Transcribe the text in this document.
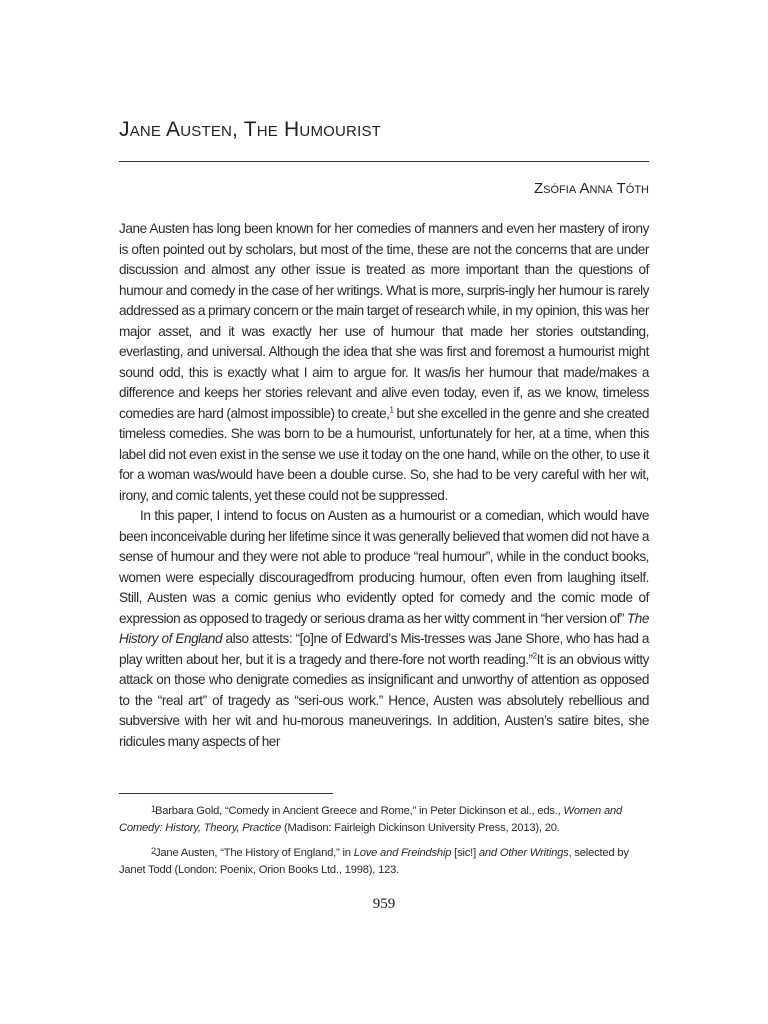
Jane Austen, The Humourist
Zsófia Anna Tóth

Jane Austen has long been known for her comedies of manners and even her mastery of irony is often pointed out by scholars, but most of the time, these are not the concerns that are under discussion and almost any other issue is treated as more important than the questions of humour and comedy in the case of her writings. What is more, surpris-ingly her humour is rarely addressed as a primary concern or the main target of research while, in my opinion, this was her major asset, and it was exactly her use of humour that made her stories outstanding, everlasting, and universal. Although the idea that she was first and foremost a humourist might sound odd, this is exactly what I aim to argue for. It was/is her humour that made/makes a difference and keeps her stories relevant and alive even today, even if, as we know, timeless comedies are hard (almost impossible) to create,$^1$ but she excelled in the genre and she created timeless comedies. She was born to be a humourist, unfortunately for her, at a time, when this label did not even exist in the sense we use it today on the one hand, while on the other, to use it for a woman was/would have been a double curse. So, she had to be very careful with her wit, irony, and comic talents, yet these could not be suppressed.

In this paper, I intend to focus on Austen as a humourist or a comedian, which would have been inconceivable during her lifetime since it was generally believed that women did not have a sense of humour and they were not able to produce “real humour”, while in the conduct books, women were especially discouragedfrom producing humour, often even from laughing itself. Still, Austen was a comic genius who evidently opted for comedy and the comic mode of expression as opposed to tragedy or serious drama as her witty comment in “her version of” The History of England also attests: “[o]ne of Edward’s Mis-tresses was Jane Shore, who has had a play written about her, but it is a tragedy and there-fore not worth reading.”$^2$It is an obvious witty attack on those who denigrate comedies as insignificant and unworthy of attention as opposed to the “real art” of tragedy as “seri-ous work.” Hence, Austen was absolutely rebellious and subversive with her wit and hu-morous maneuverings. In addition, Austen’s satire bites, she ridicules many aspects of her

1Barbara Gold, “Comedy in Ancient Greece and Rome,” in Peter Dickinson et al., eds., Women and Comedy: History, Theory, Practice (Madison: Fairleigh Dickinson University Press, 2013), 20.

2Jane Austen, “The History of England,” in Love and Freindship [sic!] and Other Writings, selected by Janet Todd (London: Poenix, Orion Books Ltd., 1998), 123.

959
